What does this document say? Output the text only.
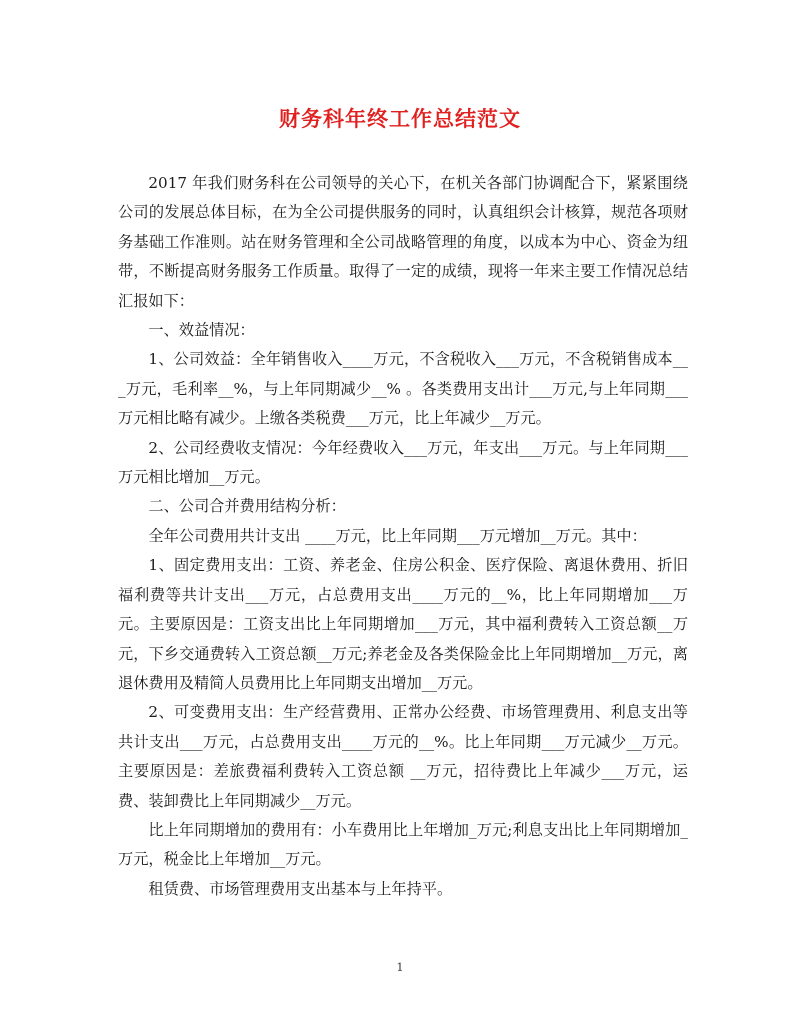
财务科年终工作总结范文

2017 年我们财务科在公司领导的关心下，在机关各部门协调配合下，紧紧围绕公司的发展总体目标，在为全公司提供服务的同时，认真组织会计核算，规范各项财务基础工作准则。站在财务管理和全公司战略管理的角度，以成本为中心、资金为纽带，不断提高财务服务工作质量。取得了一定的成绩，现将一年来主要工作情况总结汇报如下：

一、效益情况：

1、公司效益：全年销售收入____万元，不含税收入___万元，不含税销售成本___万元，毛利率__%，与上年同期减少__% 。各类费用支出计___万元,与上年同期___万元相比略有减少。上缴各类税费___万元，比上年减少__万元。

2、公司经费收支情况：今年经费收入___万元，年支出___万元。与上年同期___万元相比增加__万元。

二、公司合并费用结构分析：

全年公司费用共计支出 ____万元，比上年同期___万元增加__万元。其中：

1、固定费用支出：工资、养老金、住房公积金、医疗保险、离退休费用、折旧福利费等共计支出___万元，占总费用支出____万元的__%，比上年同期增加___万元。主要原因是：工资支出比上年同期增加___万元，其中福利费转入工资总额__万元，下乡交通费转入工资总额__万元;养老金及各类保险金比上年同期增加__万元，离退休费用及精简人员费用比上年同期支出增加__万元。

2、可变费用支出：生产经营费用、正常办公经费、市场管理费用、利息支出等共计支出___万元，占总费用支出____万元的__%。比上年同期___万元减少__万元。主要原因是：差旅费福利费转入工资总额 __万元，招待费比上年减少___万元，运费、装卸费比上年同期减少__万元。

比上年同期增加的费用有：小车费用比上年增加_万元;利息支出比上年同期增加_万元，税金比上年增加__万元。

租赁费、市场管理费用支出基本与上年持平。

1
